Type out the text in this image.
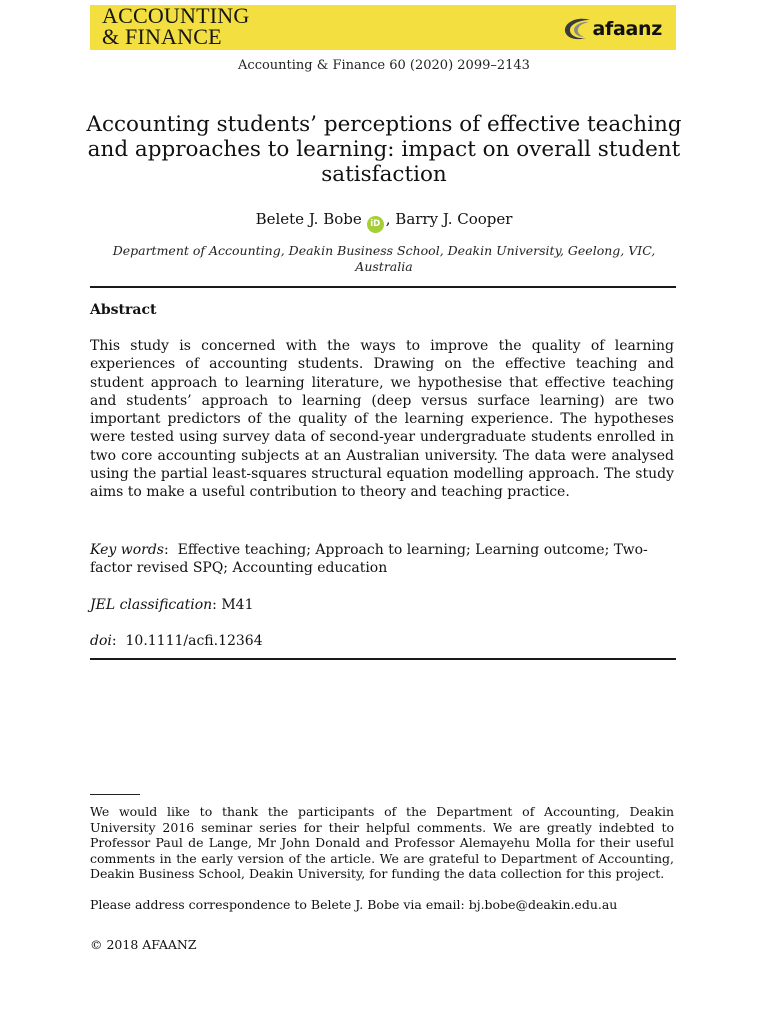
ACCOUNTING
& FINANCE	afaanz
Accounting & Finance 60 (2020) 2099–2143
Accounting students’ perceptions of effective teaching and approaches to learning: impact on overall student satisfaction
Belete J. Bobe iD , Barry J. Cooper
Department of Accounting, Deakin Business School, Deakin University, Geelong, VIC, Australia
Abstract

This study is concerned with the ways to improve the quality of learning experiences of accounting students. Drawing on the effective teaching and student approach to learning literature, we hypothesise that effective teaching and students’ approach to learning (deep versus surface learning) are two important predictors of the quality of the learning experience. The hypotheses were tested using survey data of second-year undergraduate students enrolled in two core accounting subjects at an Australian university. The data were analysed using the partial least-squares structural equation modelling approach. The study aims to make a useful contribution to theory and teaching practice.

Key words:  Effective teaching; Approach to learning; Learning outcome; Two-factor revised SPQ; Accounting education

JEL classification: M41

doi:  10.1111/acfi.12364

We would like to thank the participants of the Department of Accounting, Deakin University 2016 seminar series for their helpful comments. We are greatly indebted to Professor Paul de Lange, Mr John Donald and Professor Alemayehu Molla for their useful comments in the early version of the article. We are grateful to Department of Accounting, Deakin Business School, Deakin University, for funding the data collection for this project.

Please address correspondence to Belete J. Bobe via email: bj.bobe@deakin.edu.au

© 2018 AFAANZ
